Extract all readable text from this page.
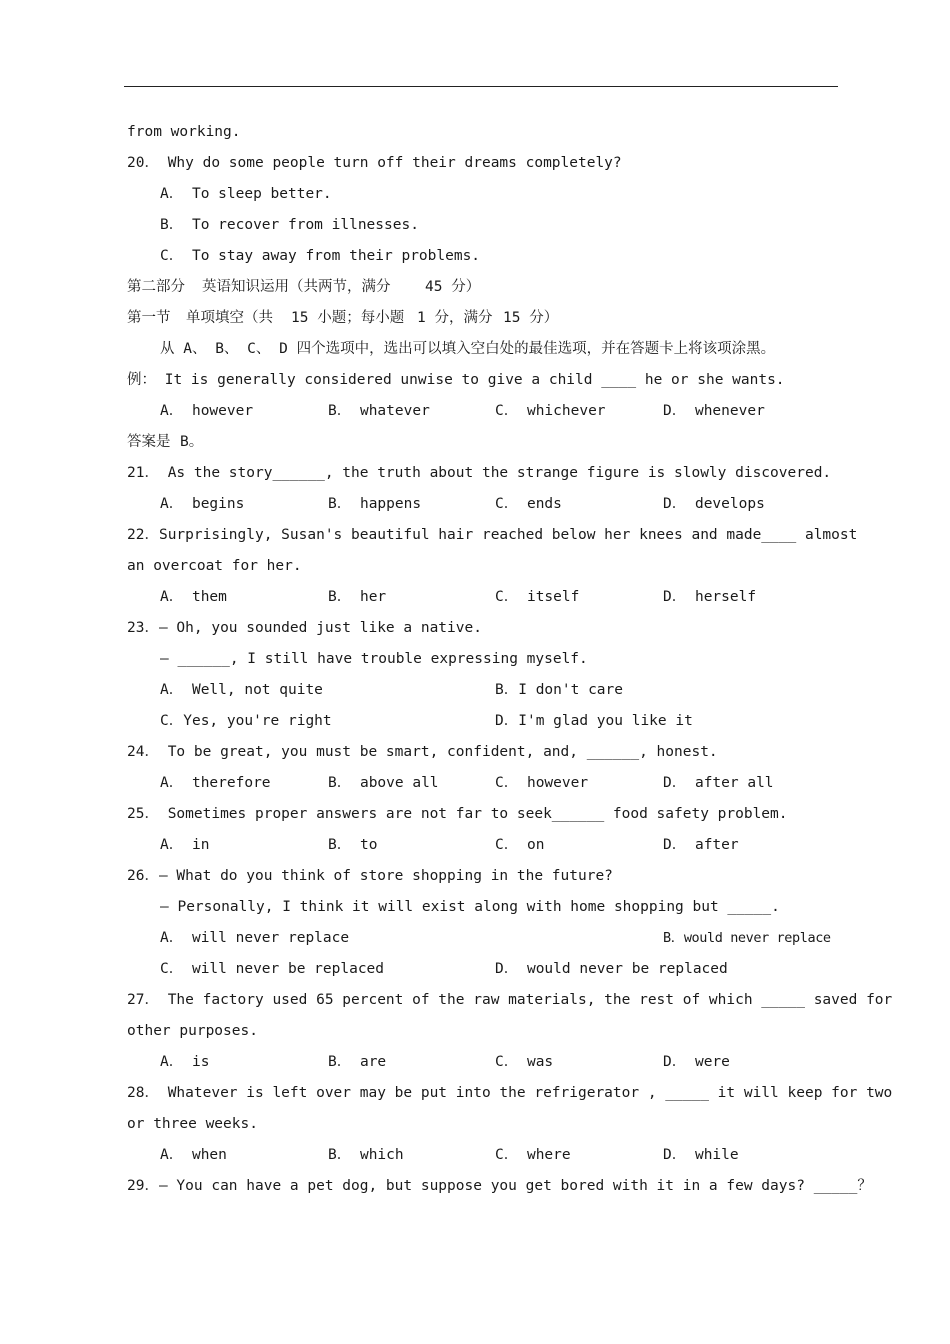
from working.
20． Why do some people turn off their dreams completely?
A． To sleep better.
B． To recover from illnesses.
C． To stay away from their problems.
第二部分 英语知识运用（共两节，满分 45 分）
第一节 单项填空（共 15 小题；每小题 1 分，满分 15 分）
从 A、 B、 C、 D 四个选项中，选出可以填入空白处的最佳选项，并在答题卡上将该项涂黑。
例： It is generally considered unwise to give a child ____ he or she wants.
A． however	B． whatever	C． whichever	D． whenever
答案是 B。
21． As the story______, the truth about the strange figure is slowly discovered.
A． begins	B． happens	C． ends	D． develops
22．Surprisingly, Susan's beautiful hair reached below her knees and made____ almost
an overcoat for her.
A． them	B． her	C． itself	D． herself
23．— Oh, you sounded just like a native.
— ______, I still have trouble expressing myself.
A． Well, not quite	B．I don't care
C．Yes, you're right	D．I'm glad you like it
24． To be great, you must be smart, confident, and, ______, honest.
A． therefore	B． above all	C． however	D． after all
25． Sometimes proper answers are not far to seek______ food safety problem.
A． in	B． to	C． on	D． after
26．— What do you think of store shopping in the future?
— Personally, I think it will exist along with home shopping but _____.
A． will never replace	B．would never replace
C． will never be replaced	D． would never be replaced
27． The factory used 65 percent of the raw materials, the rest of which _____ saved for
other purposes.
A． is	B． are	C． was	D． were
28． Whatever is left over may be put into the refrigerator , _____ it will keep for two
or three weeks.
A． when	B． which	C． where	D． while
29．— You can have a pet dog, but suppose you get bored with it in a few days? _____？
